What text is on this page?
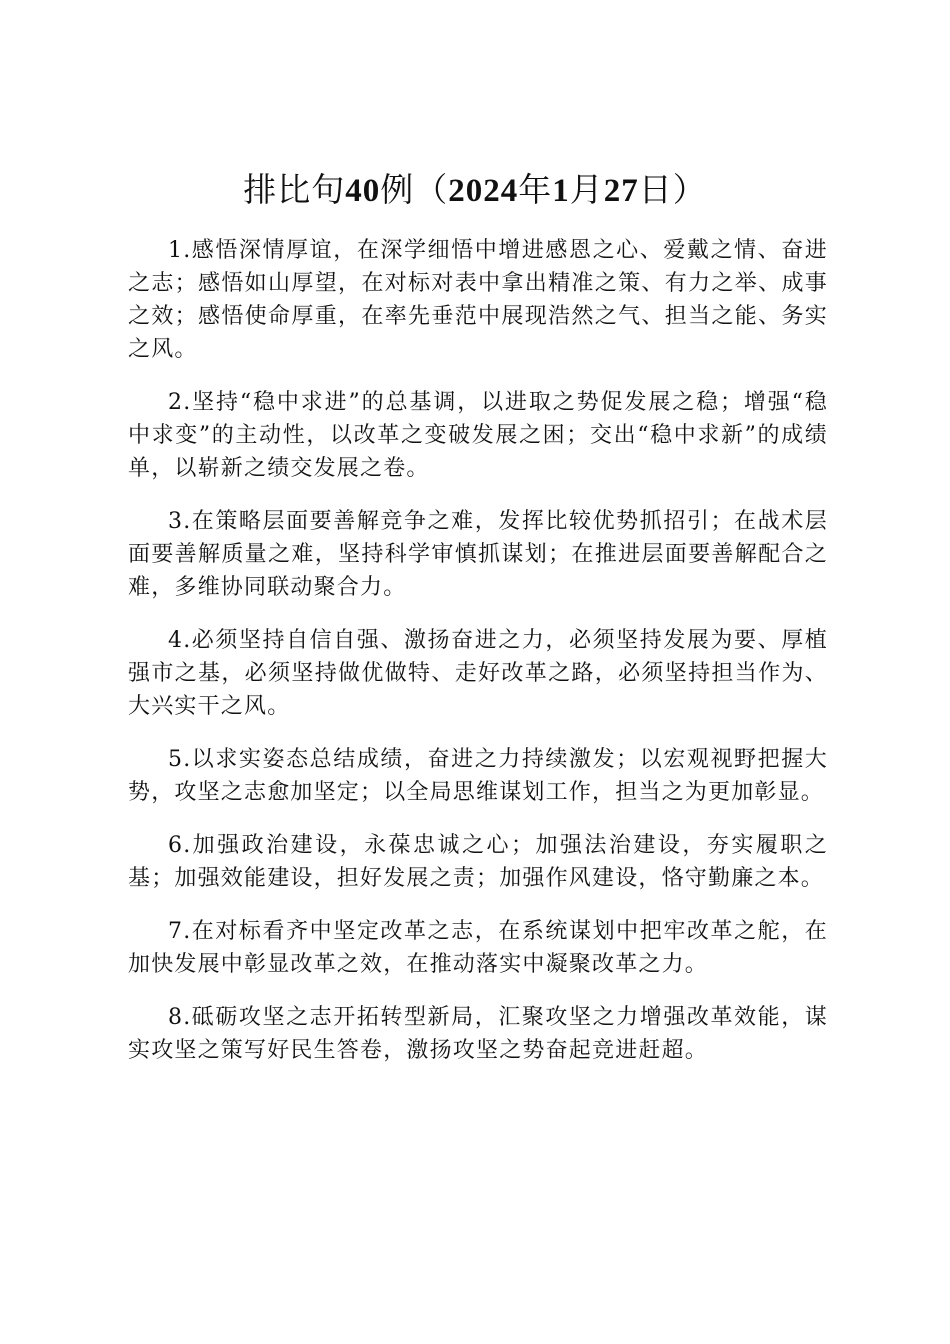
排比句40例（2024年1月27日）

1.感悟深情厚谊，在深学细悟中增进感恩之心、爱戴之情、奋进之志；感悟如山厚望，在对标对表中拿出精准之策、有力之举、成事之效；感悟使命厚重，在率先垂范中展现浩然之气、担当之能、务实之风。

2.坚持“稳中求进”的总基调，以进取之势促发展之稳；增强“稳中求变”的主动性，以改革之变破发展之困；交出“稳中求新”的成绩单，以崭新之绩交发展之卷。

3.在策略层面要善解竞争之难，发挥比较优势抓招引；在战术层面要善解质量之难，坚持科学审慎抓谋划；在推进层面要善解配合之难，多维协同联动聚合力。

4.必须坚持自信自强、激扬奋进之力，必须坚持发展为要、厚植强市之基，必须坚持做优做特、走好改革之路，必须坚持担当作为、大兴实干之风。

5.以求实姿态总结成绩，奋进之力持续激发；以宏观视野把握大势，攻坚之志愈加坚定；以全局思维谋划工作，担当之为更加彰显。

6.加强政治建设，永葆忠诚之心；加强法治建设，夯实履职之基；加强效能建设，担好发展之责；加强作风建设，恪守勤廉之本。

7.在对标看齐中坚定改革之志，在系统谋划中把牢改革之舵，在加快发展中彰显改革之效，在推动落实中凝聚改革之力。

8.砥砺攻坚之志开拓转型新局，汇聚攻坚之力增强改革效能，谋实攻坚之策写好民生答卷，激扬攻坚之势奋起竞进赶超。
